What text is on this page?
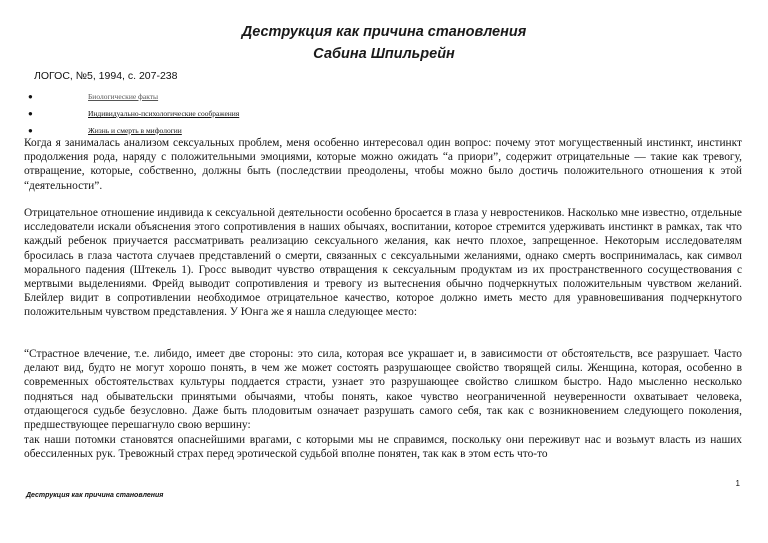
Деструкция как причина становления
Сабина Шпильрейн
ЛОГОС, №5, 1994, с. 207-238
●	Биологические факты
●	Индивидуально-психологические соображения
●	Жизнь и смерть в мифологии

Когда я занималась анализом сексуальных проблем, меня особенно интересовал один вопрос: почему этот могущественный инстинкт, инстинкт продолжения рода, наряду с положительными эмоциями, которые можно ожидать “а приори”, содержит отрицательные — такие как тревогу, отвращение, которые, собственно, должны быть (последствии преодолены, чтобы можно было достичь положительного отношения к этой “деятельности”.

Отрицательное отношение индивида к сексуальной деятельности особенно бросается в глаза у невростеников. Насколько мне известно, отдельные исследователи искали объяснения этого сопротивления в наших обычаях, воспитании, которое стремится удерживать инстинкт в рамках, так что каждый ребенок приучается рассматривать реализацию сексуального желания, как нечто плохое, запрещенное. Некоторым исследователям бросилась в глаза частота случаев представлений о смерти, связанных с сексуальными желаниями, однако смерть воспринималась, как символ морального падения (Штекель 1). Гросс выводит чувство отвращения к сексуальным продуктам из их пространственного сосуществования с мертвыми выделениями. Фрейд выводит сопротивления и тревогу из вытеснения обычно подчеркнутых положительным чувством желаний. Блейлер видит в сопротивлении необходимое отрицательное качество, которое должно иметь место для уравновешивания подчеркнутого положительным чувством представления. У Юнга же я нашла следующее место:

“Страстное влечение, т.е. либидо, имеет две стороны: это сила, которая все украшает и, в зависимости от обстоятельств, все разрушает. Часто делают вид, будто не могут хорошо понять, в чем же может состоять разрушающее свойство творящей силы. Женщина, которая, особенно в современных обстоятельствах культуры поддается страсти, узнает это разрушающее свойство слишком быстро. Надо мысленно несколько подняться над обывательски принятыми обычаями, чтобы понять, какое чувство неограниченной неуверенности охватывает человека, отдающегося судьбе безусловно. Даже быть плодовитым означает разрушать самого себя, так как с возникновением следующего поколения, предшествующее перешагнуло свою вершину:

так наши потомки становятся опаснейшими врагами, с которыми мы не справимся, поскольку они переживут нас и возьмут власть из наших обессиленных рук. Тревожный страх перед эротической судьбой вполне понятен, так как в этом есть что-то

1
Деструкция как причина становления
